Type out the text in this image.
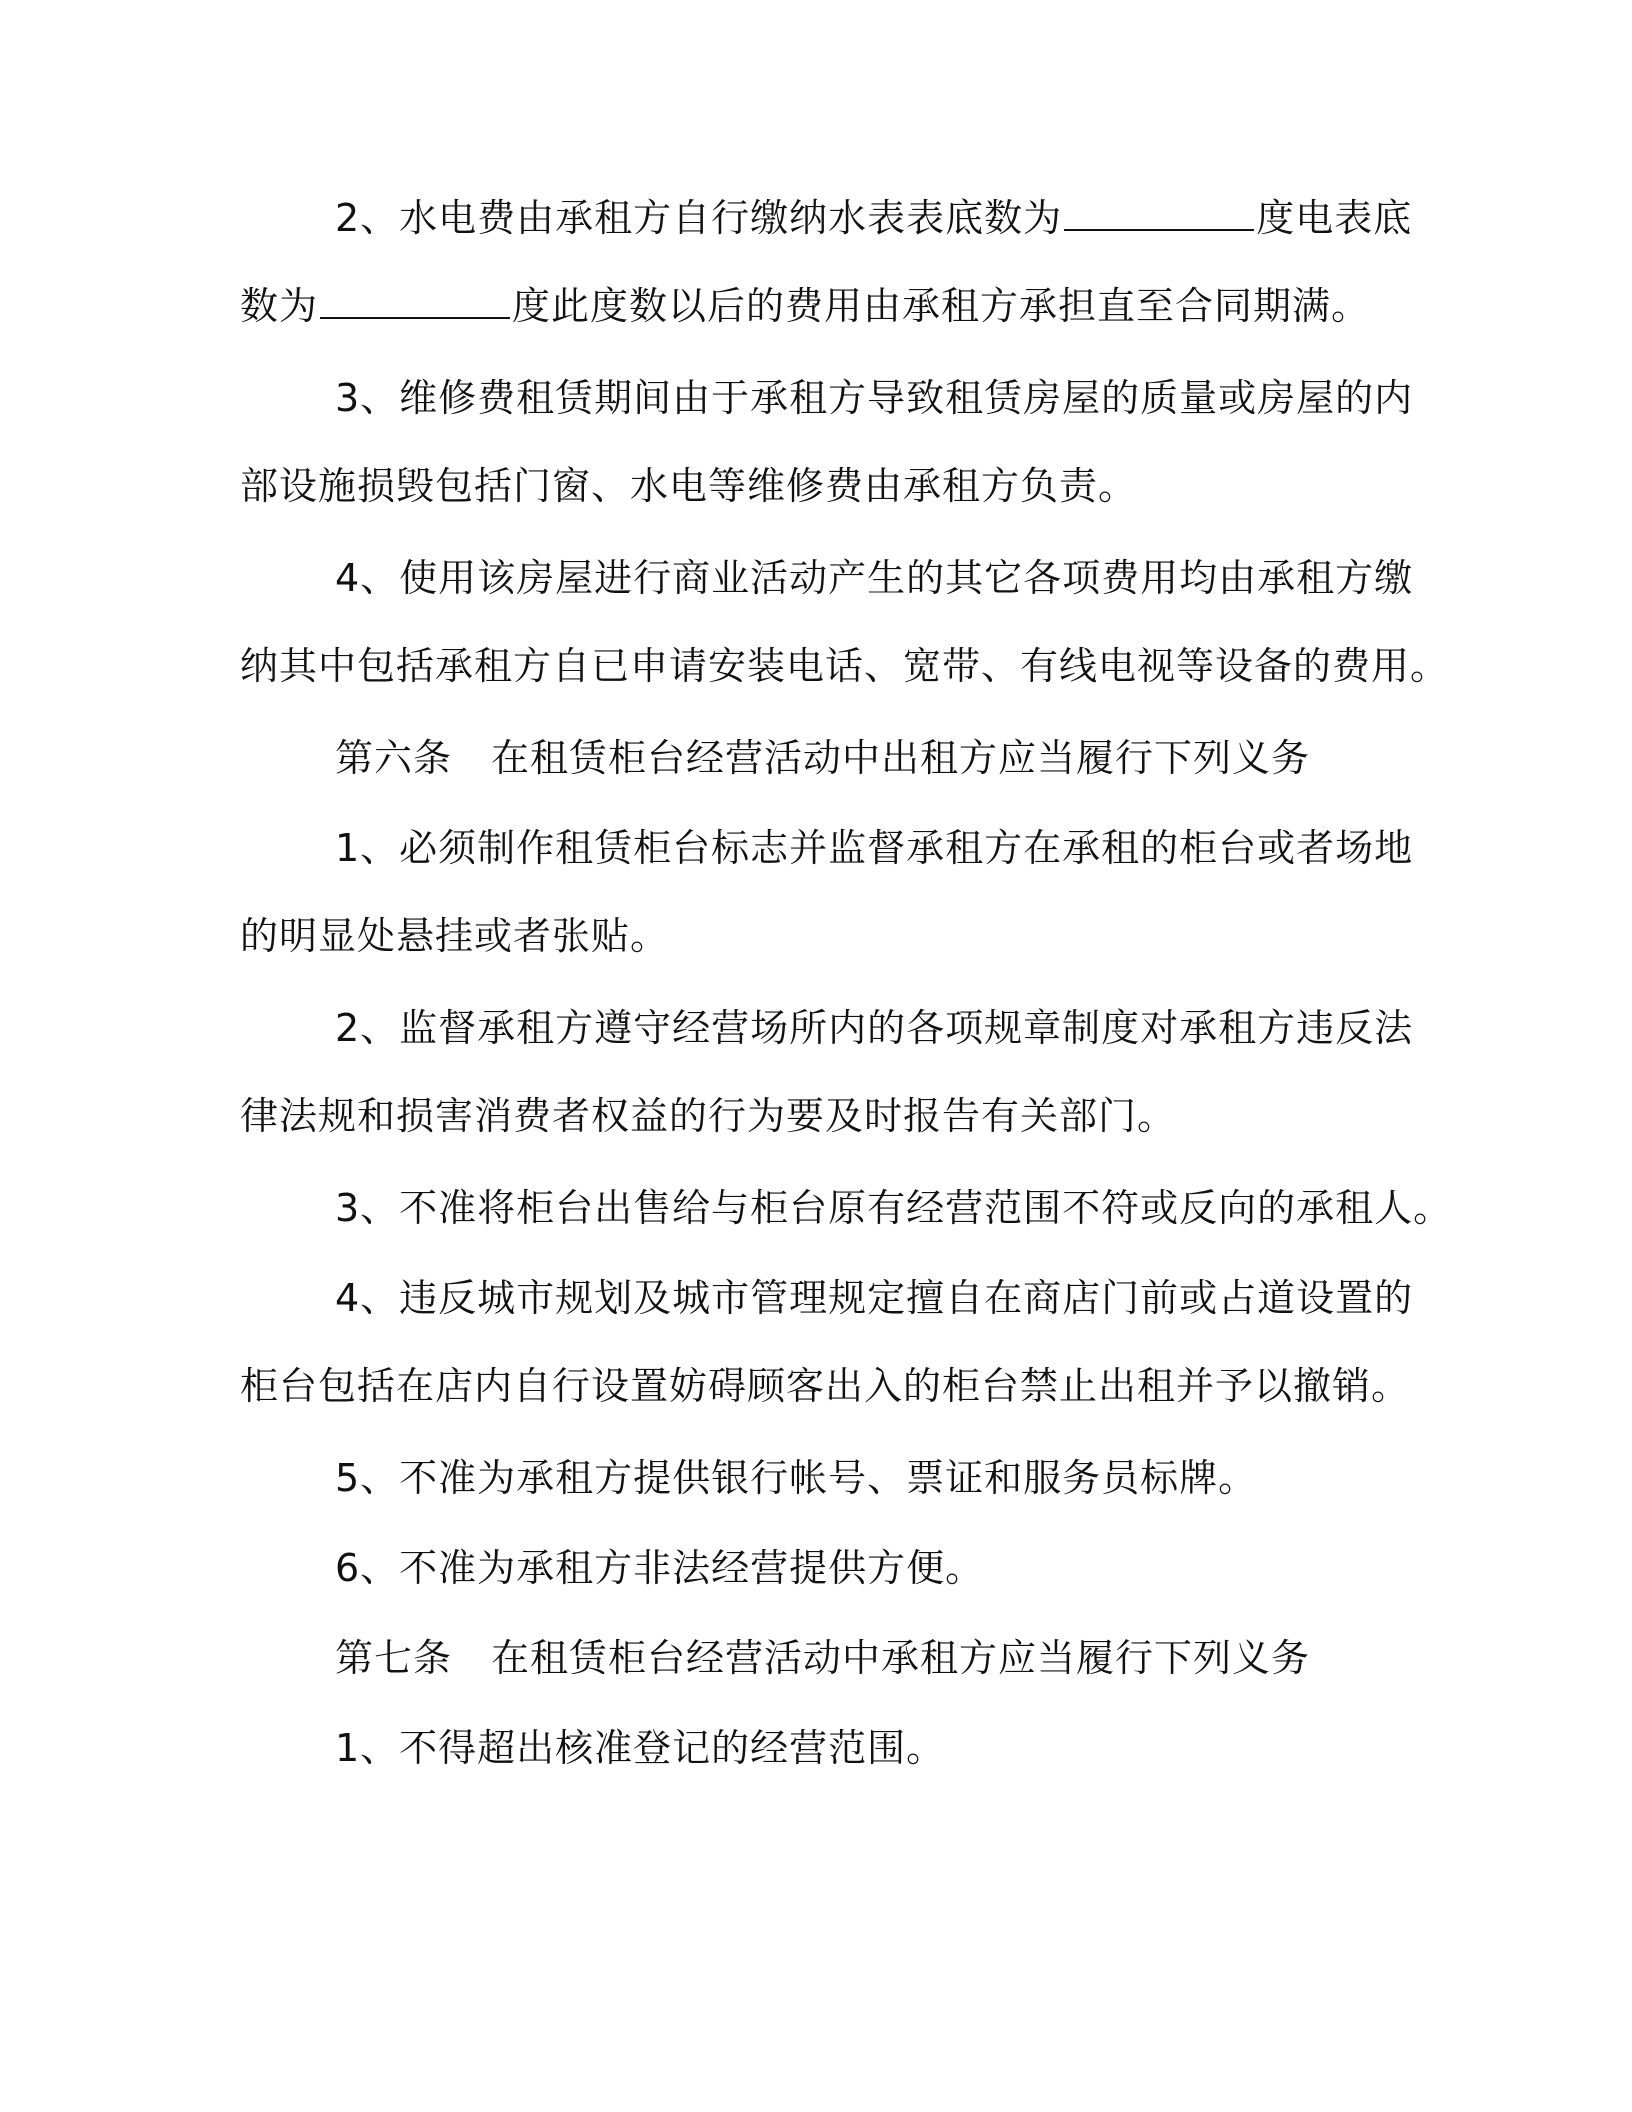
2、水电费由承租方自行缴纳水表表底数为	度电表底
数为	度此度数以后的费用由承租方承担直至合同期满。
3、维修费租赁期间由于承租方导致租赁房屋的质量或房屋的内
部设施损毁包括门窗、水电等维修费由承租方负责。
4、使用该房屋进行商业活动产生的其它各项费用均由承租方缴
纳其中包括承租方自已申请安装电话、宽带、有线电视等设备的费用。
第六条　在租赁柜台经营活动中出租方应当履行下列义务
1、必须制作租赁柜台标志并监督承租方在承租的柜台或者场地
的明显处悬挂或者张贴。
2、监督承租方遵守经营场所内的各项规章制度对承租方违反法
律法规和损害消费者权益的行为要及时报告有关部门。
3、不准将柜台出售给与柜台原有经营范围不符或反向的承租人。
4、违反城市规划及城市管理规定擅自在商店门前或占道设置的
柜台包括在店内自行设置妨碍顾客出入的柜台禁止出租并予以撤销。
5、不准为承租方提供银行帐号、票证和服务员标牌。
6、不准为承租方非法经营提供方便。
第七条　在租赁柜台经营活动中承租方应当履行下列义务
1、不得超出核准登记的经营范围。
